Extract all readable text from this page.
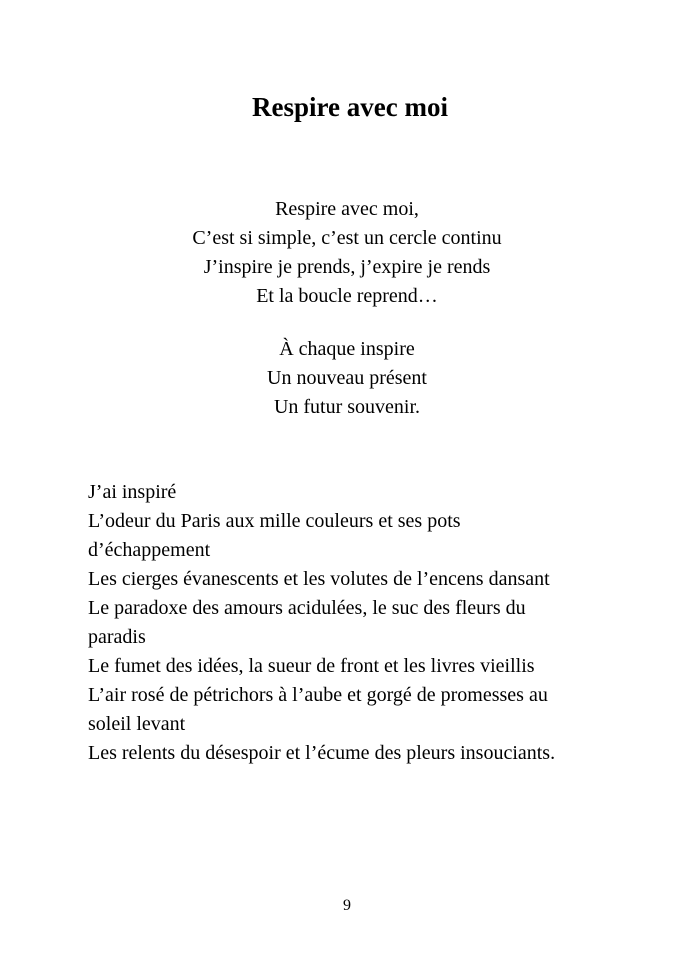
Respire avec moi
Respire avec moi,
C’est si simple, c’est un cercle continu
J’inspire je prends, j’expire je rends
Et la boucle reprend…
À chaque inspire
Un nouveau présent
Un futur souvenir.
J’ai inspiré
L’odeur du Paris aux mille couleurs et ses pots
d’échappement
Les cierges évanescents et les volutes de l’encens dansant
Le paradoxe des amours acidulées, le suc des fleurs du
paradis
Le fumet des idées, la sueur de front et les livres vieillis
L’air rosé de pétrichors à l’aube et gorgé de promesses au
soleil levant
Les relents du désespoir et l’écume des pleurs insouciants.
9
